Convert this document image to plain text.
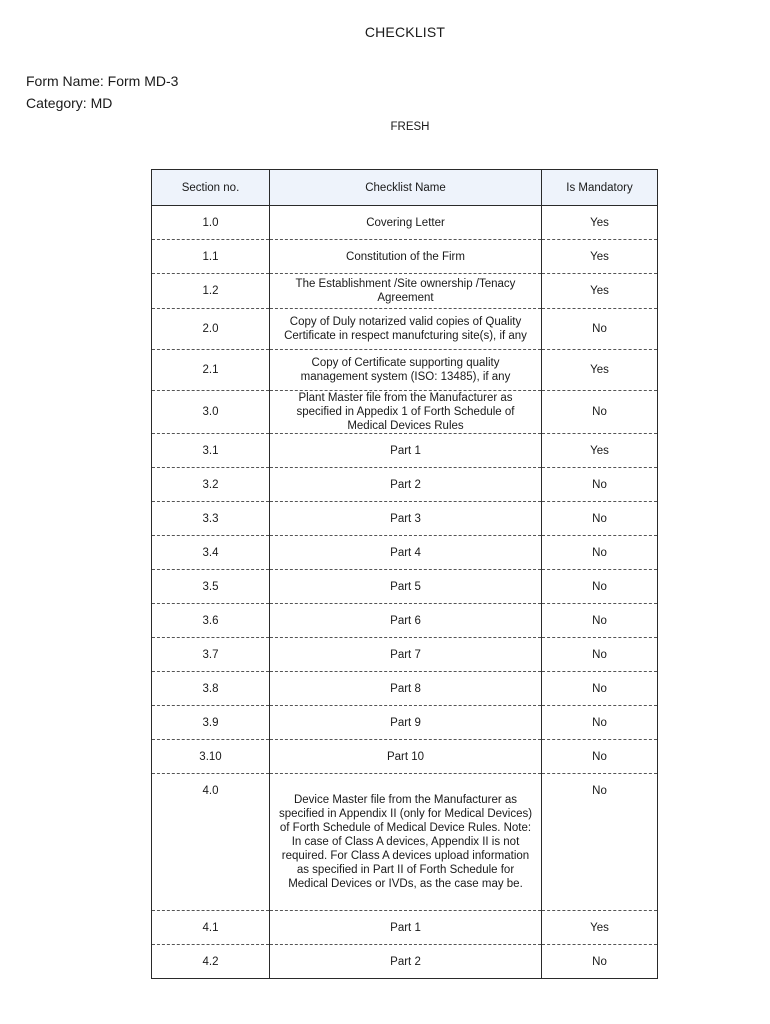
CHECKLIST
Form Name: Form MD-3
Category: MD
FRESH
Section no.	Checklist Name	Is Mandatory
1.0	Covering Letter	Yes
1.1	Constitution of the Firm	Yes
1.2	The Establishment /Site ownership /Tenacy Agreement	Yes
2.0	Copy of Duly notarized valid copies of Quality Certificate in respect manufcturing site(s), if any	No
2.1	Copy of Certificate supporting quality management system (ISO: 13485), if any	Yes
3.0	Plant Master file from the Manufacturer as specified in Appedix 1 of Forth Schedule of Medical Devices Rules	No
3.1	Part 1	Yes
3.2	Part 2	No
3.3	Part 3	No
3.4	Part 4	No
3.5	Part 5	No
3.6	Part 6	No
3.7	Part 7	No
3.8	Part 8	No
3.9	Part 9	No
3.10	Part 10	No
4.0	Device Master file from the Manufacturer as specified in Appendix II (only for Medical Devices) of Forth Schedule of Medical Device Rules. Note: In case of Class A devices, Appendix II is not required. For Class A devices upload information as specified in Part II of Forth Schedule for Medical Devices or IVDs, as the case may be.	No
4.1	Part 1	Yes
4.2	Part 2	No
